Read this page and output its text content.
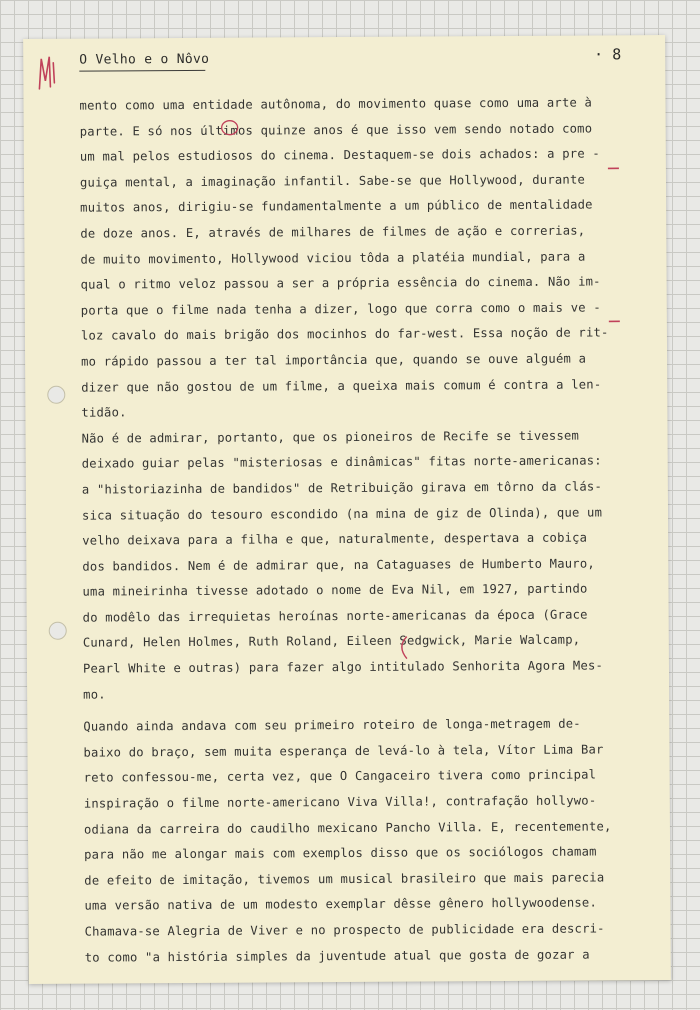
O Velho e o Nôvo	· 8
mento como uma entidade autônoma, do movimento quase como uma arte à
parte. E só nos últimos quinze anos é que isso vem sendo notado como
um mal pelos estudiosos do cinema. Destaquem-se dois achados: a pre -
guiça mental, a imaginação infantil. Sabe-se que Hollywood, durante
muitos anos, dirigiu-se fundamentalmente a um público de mentalidade
de doze anos. E, através de milhares de filmes de ação e correrias,
de muito movimento, Hollywood viciou tôda a platéia mundial, para a
qual o ritmo veloz passou a ser a própria essência do cinema. Não im-
porta que o filme nada tenha a dizer, logo que corra como o mais ve -
loz cavalo do mais brigão dos mocinhos do far-west. Essa noção de rit-
mo rápido passou a ter tal importância que, quando se ouve alguém a
dizer que não gostou de um filme, a queixa mais comum é contra a len-
tidão.
Não é de admirar, portanto, que os pioneiros de Recife se tivessem
deixado guiar pelas "misteriosas e dinâmicas" fitas norte-americanas:
a "historiazinha de bandidos" de Retribuição girava em tôrno da clás-
sica situação do tesouro escondido (na mina de giz de Olinda), que um
velho deixava para a filha e que, naturalmente, despertava a cobiça
dos bandidos. Nem é de admirar que, na Cataguases de Humberto Mauro,
uma mineirinha tivesse adotado o nome de Eva Nil, em 1927, partindo
do modêlo das irrequietas heroínas norte-americanas da época (Grace
Cunard, Helen Holmes, Ruth Roland, Eileen Sedgwick, Marie Walcamp,
Pearl White e outras) para fazer algo intitulado Senhorita Agora Mes-
mo.
Quando ainda andava com seu primeiro roteiro de longa-metragem de-
baixo do braço, sem muita esperança de levá-lo à tela, Vítor Lima Bar
reto confessou-me, certa vez, que O Cangaceiro tivera como principal
inspiração o filme norte-americano Viva Villa!, contrafação hollywo-
odiana da carreira do caudilho mexicano Pancho Villa. E, recentemente,
para não me alongar mais com exemplos disso que os sociólogos chamam
de efeito de imitação, tivemos um musical brasileiro que mais parecia
uma versão nativa de um modesto exemplar dêsse gênero hollywoodense.
Chamava-se Alegria de Viver e no prospecto de publicidade era descri-
to como "a história simples da juventude atual que gosta de gozar a
